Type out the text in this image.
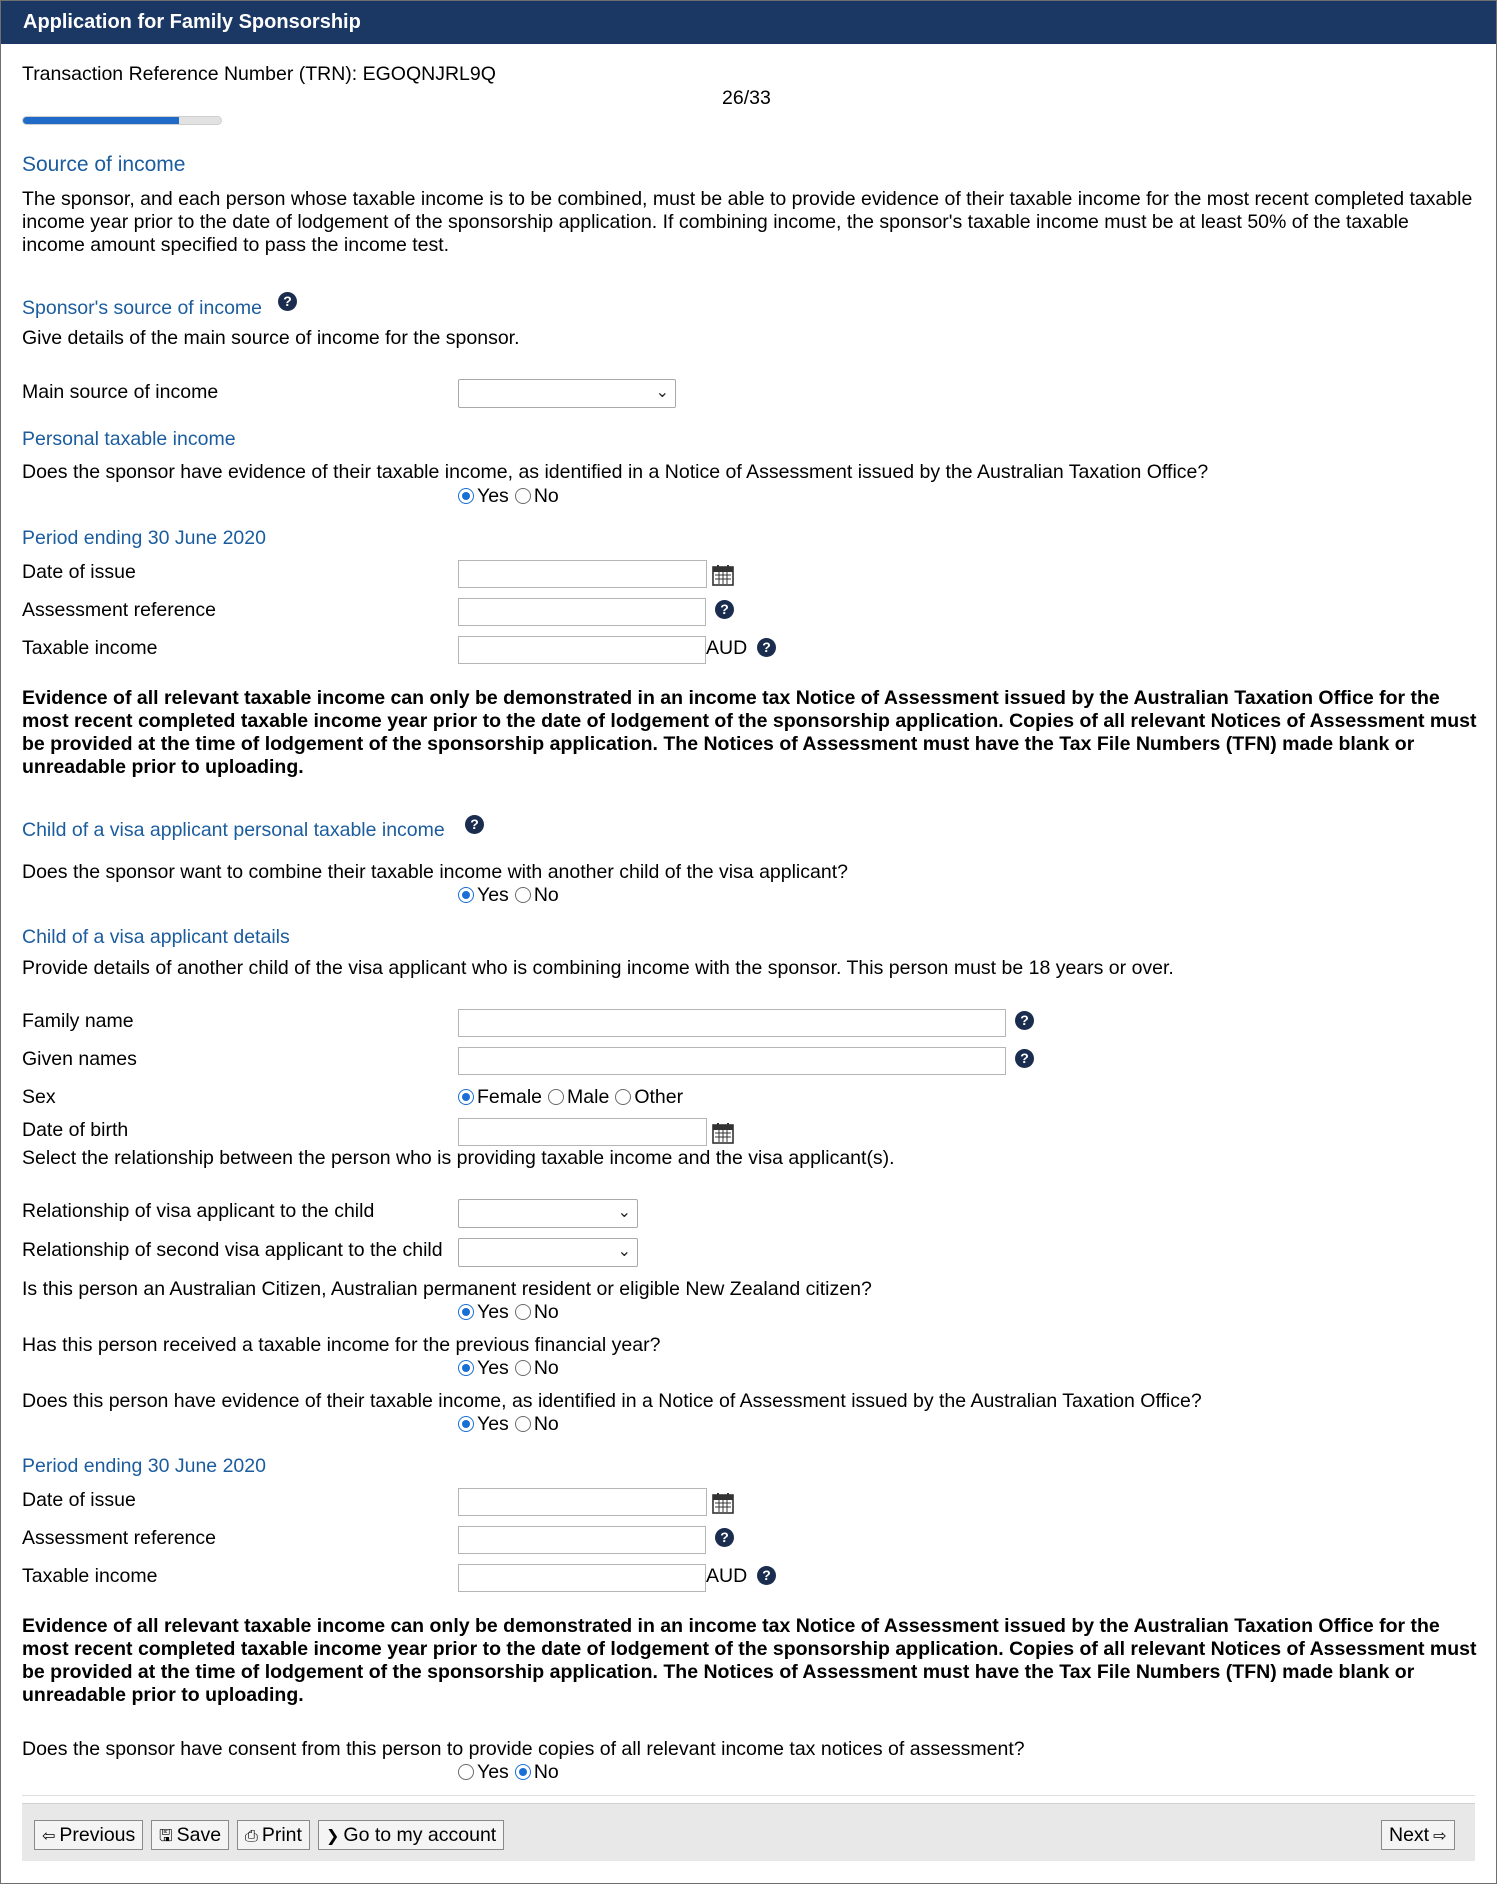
Application for Family Sponsorship
Transaction Reference Number (TRN): EGOQNJRL9Q
26/33
Source of income
The sponsor, and each person whose taxable income is to be combined, must be able to provide evidence of their taxable income for the most recent completed taxable income year prior to the date of lodgement of the sponsorship application. If combining income, the sponsor's taxable income must be at least 50% of the taxable income amount specified to pass the income test.
Sponsor's source of income	?
Give details of the main source of income for the sponsor.
Main source of income	⌄
Personal taxable income
Does the sponsor have evidence of their taxable income, as identified in a Notice of Assessment issued by the Australian Taxation Office?
Yes No
Period ending 30 June 2020
Date of issue
Assessment reference	?
Taxable income	AUD	?
Evidence of all relevant taxable income can only be demonstrated in an income tax Notice of Assessment issued by the Australian Taxation Office for the most recent completed taxable income year prior to the date of lodgement of the sponsorship application. Copies of all relevant Notices of Assessment must be provided at the time of lodgement of the sponsorship application. The Notices of Assessment must have the Tax File Numbers (TFN) made blank or unreadable prior to uploading.
Child of a visa applicant personal taxable income	?
Does the sponsor want to combine their taxable income with another child of the visa applicant?
Yes No
Child of a visa applicant details
Provide details of another child of the visa applicant who is combining income with the sponsor. This person must be 18 years or over.
Family name	?
Given names	?
Sex	Female Male Other
Date of birth
Select the relationship between the person who is providing taxable income and the visa applicant(s).
Relationship of visa applicant to the child	⌄
Relationship of second visa applicant to the child	⌄
Is this person an Australian Citizen, Australian permanent resident or eligible New Zealand citizen?
Yes No
Has this person received a taxable income for the previous financial year?
Yes No
Does this person have evidence of their taxable income, as identified in a Notice of Assessment issued by the Australian Taxation Office?
Yes No
Period ending 30 June 2020
Date of issue
Assessment reference	?
Taxable income	AUD	?
Evidence of all relevant taxable income can only be demonstrated in an income tax Notice of Assessment issued by the Australian Taxation Office for the most recent completed taxable income year prior to the date of lodgement of the sponsorship application. Copies of all relevant Notices of Assessment must be provided at the time of lodgement of the sponsorship application. The Notices of Assessment must have the Tax File Numbers (TFN) made blank or unreadable prior to uploading.
Does the sponsor have consent from this person to provide copies of all relevant income tax notices of assessment?
Yes No
⇦ Previous	🖫 Save	⎙ Print	❯ Go to my account	Next ⇨
